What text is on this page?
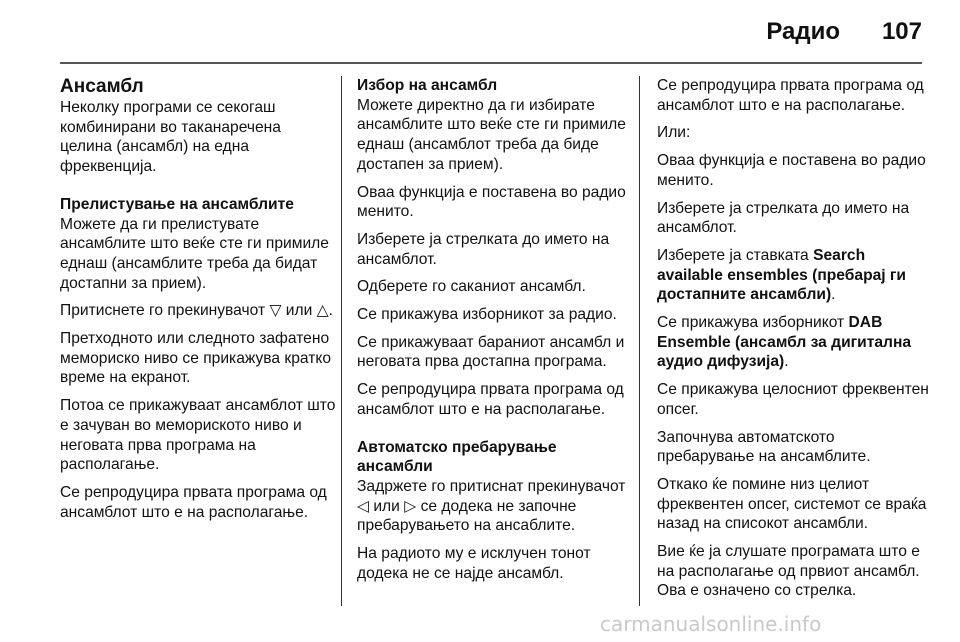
Радио 107
Ансамбл

Неколку програми се секогаш комбинирани во таканаречена целина (ансамбл) на една фреквенција.

Прелистување на ансамблите

Можете да ги прелистувате ансамблите што веќе сте ги примиле еднаш (ансамблите треба да бидат достапни за прием).

Притиснете го прекинувачот ▽ или △.

Претходното или следното зафатено мемориско ниво се прикажува кратко време на екранот.

Потоа се прикажуваат ансамблот што е зачуван во мемориското ниво и неговата прва програма на располагање.

Се репродуцира првата програма од ансамблот што е на располагање.

Избор на ансамбл

Можете директно да ги избирате ансамблите што веќе сте ги примиле еднаш (ансамблот треба да биде достапен за прием).

Оваа функција е поставена во радио менито.

Изберете ја стрелката до името на ансамблот.

Одберете го саканиот ансамбл.

Се прикажува изборникот за радио.

Се прикажуваат бараниот ансамбл и неговата прва достапна програма.

Се репродуцира првата програма од ансамблот што е на располагање.

Автоматско пребарување ансамбли

Задржете го притиснат прекинувачот ◁ или ▷ се додека не започне пребарувањето на ансаблите.

На радиото му е исклучен тонот додека не се најде ансамбл.

Се репродуцира првата програма од ансамблот што е на располагање.

Или:

Оваа функција е поставена во радио менито.

Изберете ја стрелката до името на ансамблот.

Изберете ја ставката Search available ensembles (пребарај ги достапните ансамбли).

Се прикажува изборникот DAB Ensemble (ансамбл за дигитална аудио дифузија).

Се прикажува целосниот фреквентен опсег.

Започнува автоматското пребарување на ансамблите.

Откако ќе помине низ целиот фреквентен опсег, системот се враќа назад на списокот ансамбли.

Вие ќе ја слушате програмата што е на располагање од првиот ансамбл. Ова е означено со стрелка.

carmanualsonline.info
